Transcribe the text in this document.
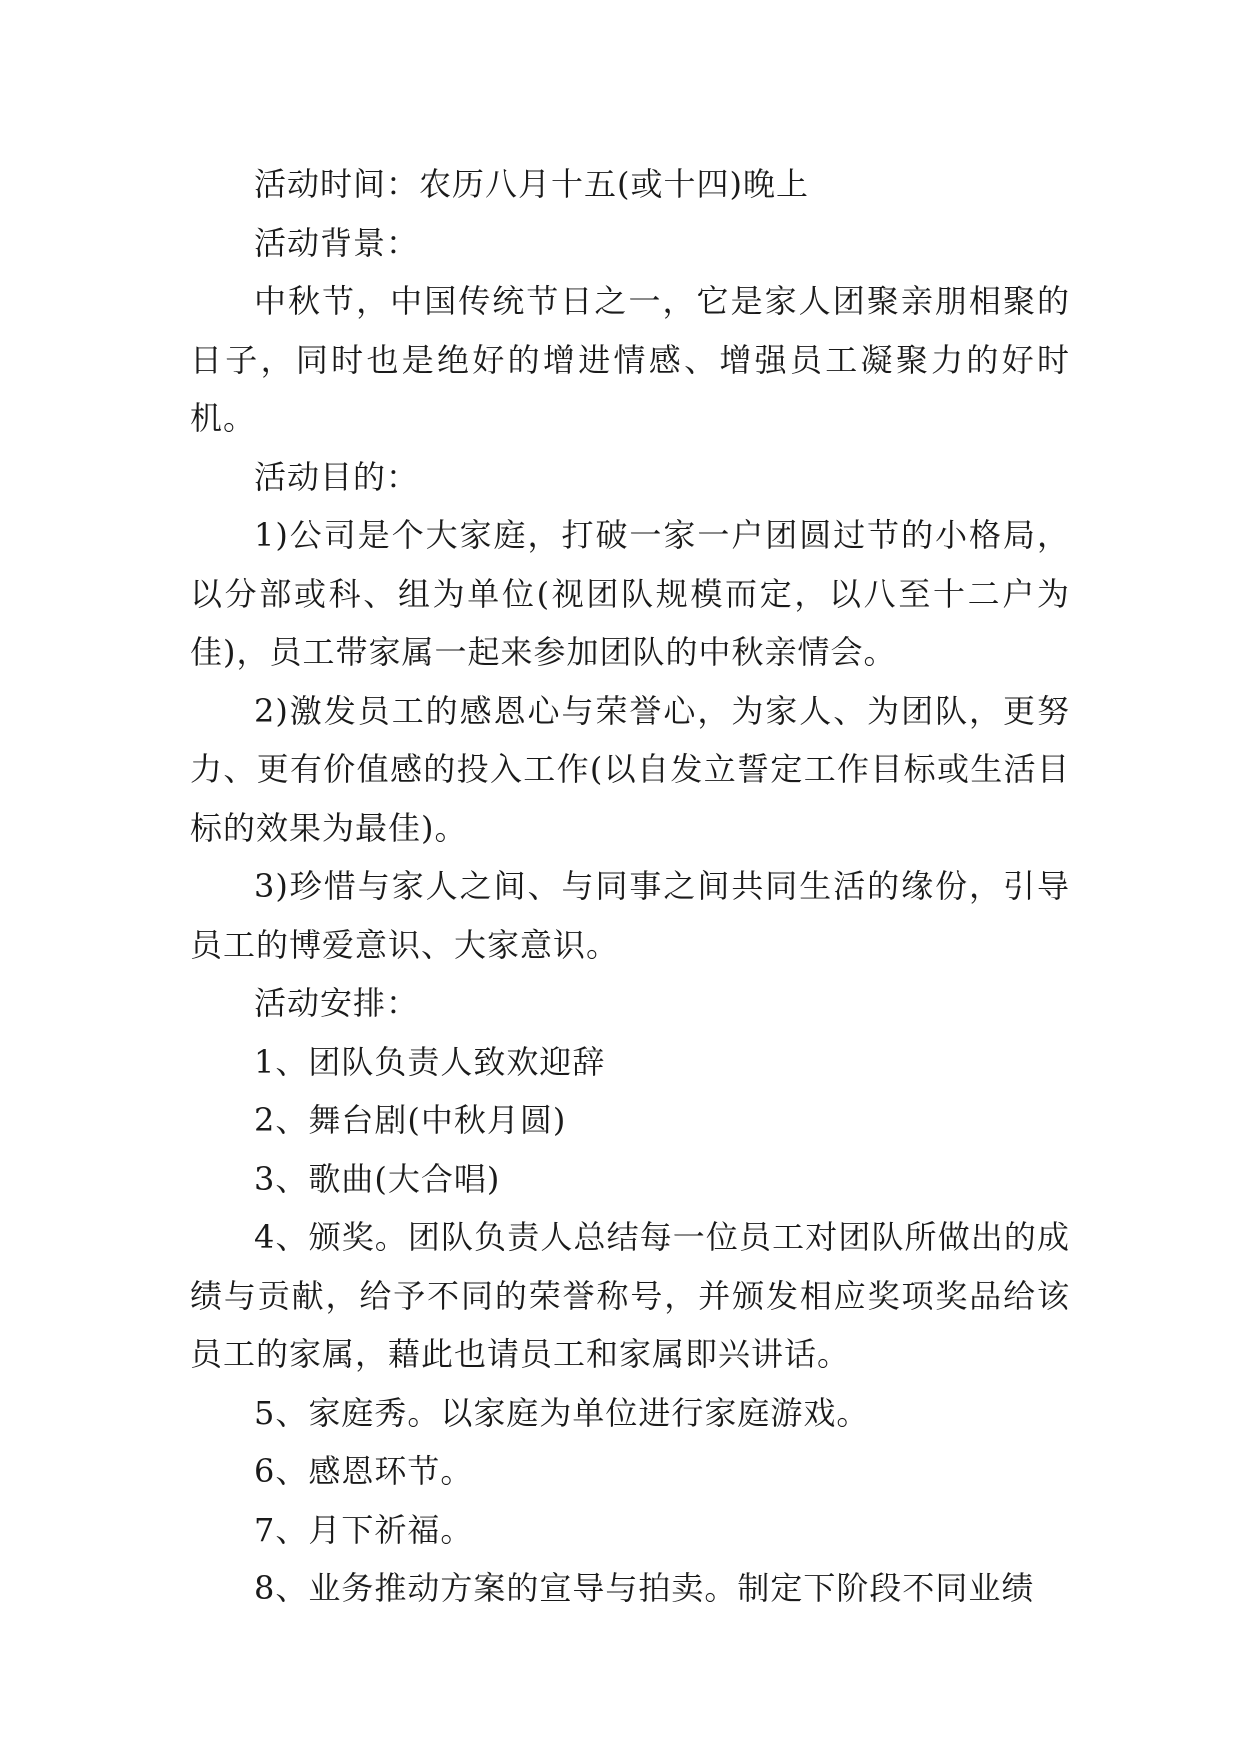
活动时间：农历八月十五(或十四)晚上

活动背景：

中秋节，中国传统节日之一，它是家人团聚亲朋相聚的日子，同时也是绝好的增进情感、增强员工凝聚力的好时机。

活动目的：

1)公司是个大家庭，打破一家一户团圆过节的小格局，以分部或科、组为单位(视团队规模而定，以八至十二户为佳)，员工带家属一起来参加团队的中秋亲情会。

2)激发员工的感恩心与荣誉心，为家人、为团队，更努力、更有价值感的投入工作(以自发立誓定工作目标或生活目标的效果为最佳)。

3)珍惜与家人之间、与同事之间共同生活的缘份，引导员工的博爱意识、大家意识。

活动安排：

1、团队负责人致欢迎辞

2、舞台剧(中秋月圆)

3、歌曲(大合唱)

4、颁奖。团队负责人总结每一位员工对团队所做出的成绩与贡献，给予不同的荣誉称号，并颁发相应奖项奖品给该员工的家属，藉此也请员工和家属即兴讲话。

5、家庭秀。以家庭为单位进行家庭游戏。

6、感恩环节。

7、月下祈福。

8、业务推动方案的宣导与拍卖。制定下阶段不同业绩
